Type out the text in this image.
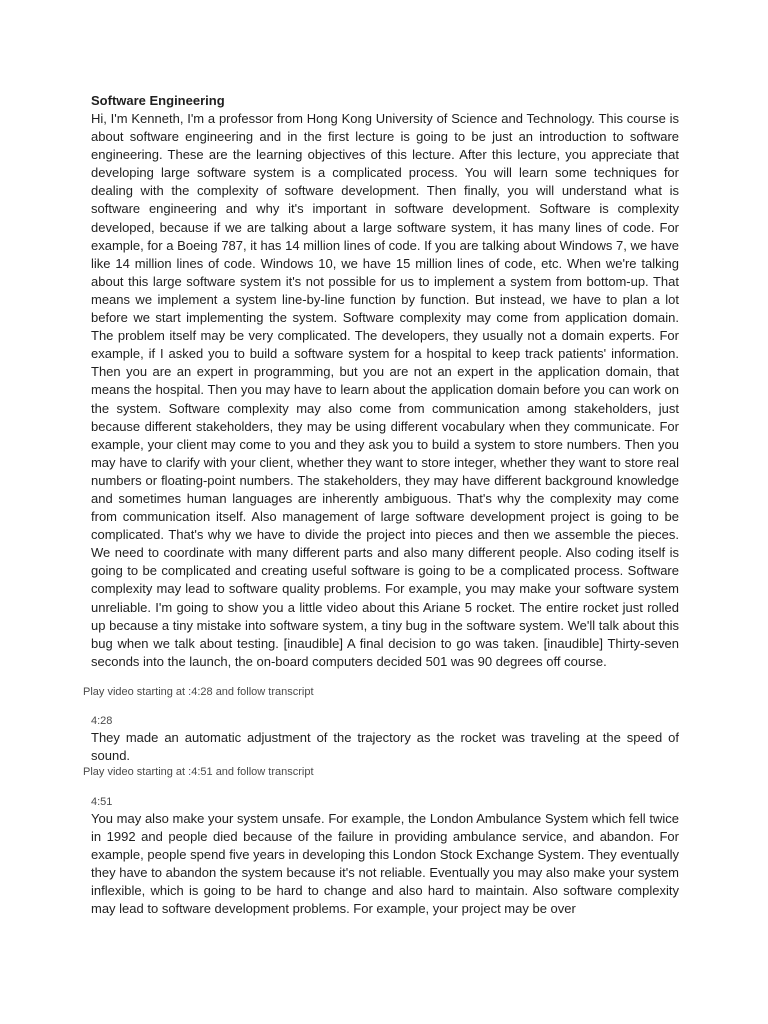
Software Engineering
Hi, I'm Kenneth, I'm a professor from Hong Kong University of Science and Technology. This course is about software engineering and in the first lecture is going to be just an introduction to software engineering. These are the learning objectives of this lecture. After this lecture, you appreciate that developing large software system is a complicated process. You will learn some techniques for dealing with the complexity of software development. Then finally, you will understand what is software engineering and why it's important in software development. Software is complexity developed, because if we are talking about a large software system, it has many lines of code. For example, for a Boeing 787, it has 14 million lines of code. If you are talking about Windows 7, we have like 14 million lines of code. Windows 10, we have 15 million lines of code, etc. When we're talking about this large software system it's not possible for us to implement a system from bottom-up. That means we implement a system line-by-line function by function. But instead, we have to plan a lot before we start implementing the system. Software complexity may come from application domain. The problem itself may be very complicated. The developers, they usually not a domain experts. For example, if I asked you to build a software system for a hospital to keep track patients' information. Then you are an expert in programming, but you are not an expert in the application domain, that means the hospital. Then you may have to learn about the application domain before you can work on the system. Software complexity may also come from communication among stakeholders, just because different stakeholders, they may be using different vocabulary when they communicate. For example, your client may come to you and they ask you to build a system to store numbers. Then you may have to clarify with your client, whether they want to store integer, whether they want to store real numbers or floating-point numbers. The stakeholders, they may have different background knowledge and sometimes human languages are inherently ambiguous. That's why the complexity may come from communication itself. Also management of large software development project is going to be complicated. That's why we have to divide the project into pieces and then we assemble the pieces. We need to coordinate with many different parts and also many different people. Also coding itself is going to be complicated and creating useful software is going to be a complicated process. Software complexity may lead to software quality problems. For example, you may make your software system unreliable. I'm going to show you a little video about this Ariane 5 rocket. The entire rocket just rolled up because a tiny mistake into software system, a tiny bug in the software system. We'll talk about this bug when we talk about testing. [inaudible] A final decision to go was taken. [inaudible] Thirty-seven seconds into the launch, the on-board computers decided 501 was 90 degrees off course.
Play video starting at :4:28 and follow transcript
4:28
They made an automatic adjustment of the trajectory as the rocket was traveling at the speed of sound.
Play video starting at :4:51 and follow transcript
4:51
You may also make your system unsafe. For example, the London Ambulance System which fell twice in 1992 and people died because of the failure in providing ambulance service, and abandon. For example, people spend five years in developing this London Stock Exchange System. They eventually they have to abandon the system because it's not reliable. Eventually you may also make your system inflexible, which is going to be hard to change and also hard to maintain. Also software complexity may lead to software development problems. For example, your project may be over
